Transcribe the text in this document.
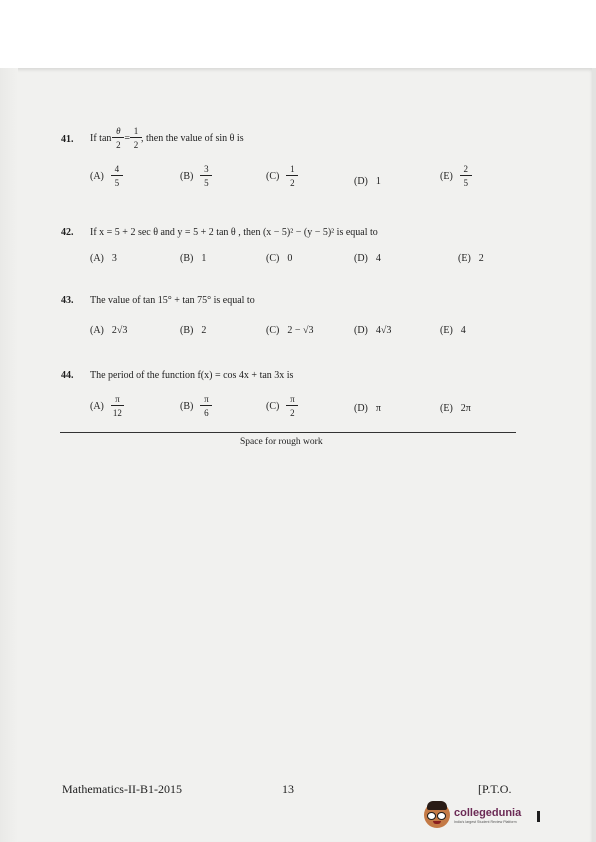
41. If $\tan \frac{\theta}{2} = \frac{1}{2}$ , then the value of sin θ is
$(A) \frac{4}{5}$	$(B) \frac{3}{5}$	$(C) \frac{1}{2}$	(D) 1	$(E) \frac{2}{5}$
42. If x = 5 + 2 sec θ and y = 5 + 2 tan θ , then (x − 5)² − (y − 5)² is equal to
(A) 3	(B) 1	(C) 0	(D) 4	(E) 2
43. The value of tan 15° + tan 75° is equal to
(A) 2√3	(B) 2	(C) 2 − √3	(D) 4√3	(E) 4
44. The period of the function f(x) = cos 4x + tan 3x is
$(A) \frac{\pi}{12}$	$(B) \frac{\pi}{6}$	$(C) \frac{\pi}{2}$	(D) π	(E) 2π
Space for rough work
Mathematics-II-B1-2015	13	[P.T.O.
collegedunia
India's largest Student Review Platform
